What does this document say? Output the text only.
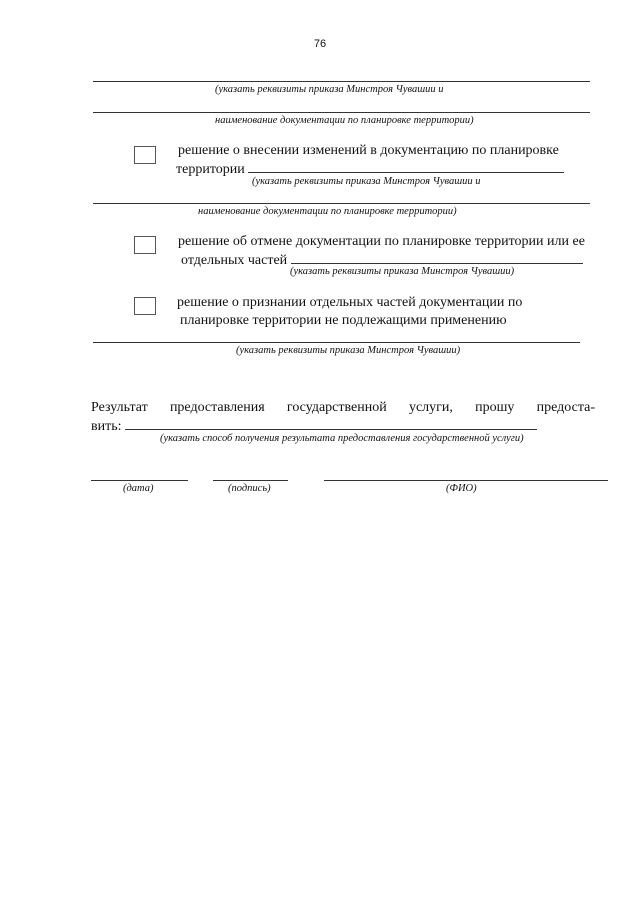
76
(указать реквизиты приказа Минстроя Чувашии и
наименование документации по планировке территории)
решение о внесении изменений в документацию по планировке
территории
(указать реквизиты приказа Минстроя Чувашии и
наименование документации по планировке территории)
решение об отмене документации по планировке территории или ее
отдельных частей
(указать реквизиты приказа Минстроя Чувашии)
решение о признании отдельных частей документации по
планировке территории не подлежащими применению
(указать реквизиты приказа Минстроя Чувашии)
Результат предоставления государственной услуги, прошу предоста-
вить:
(указать способ получения результата предоставления государственной услуги)
(дата)	(подпись)	(ФИО)
